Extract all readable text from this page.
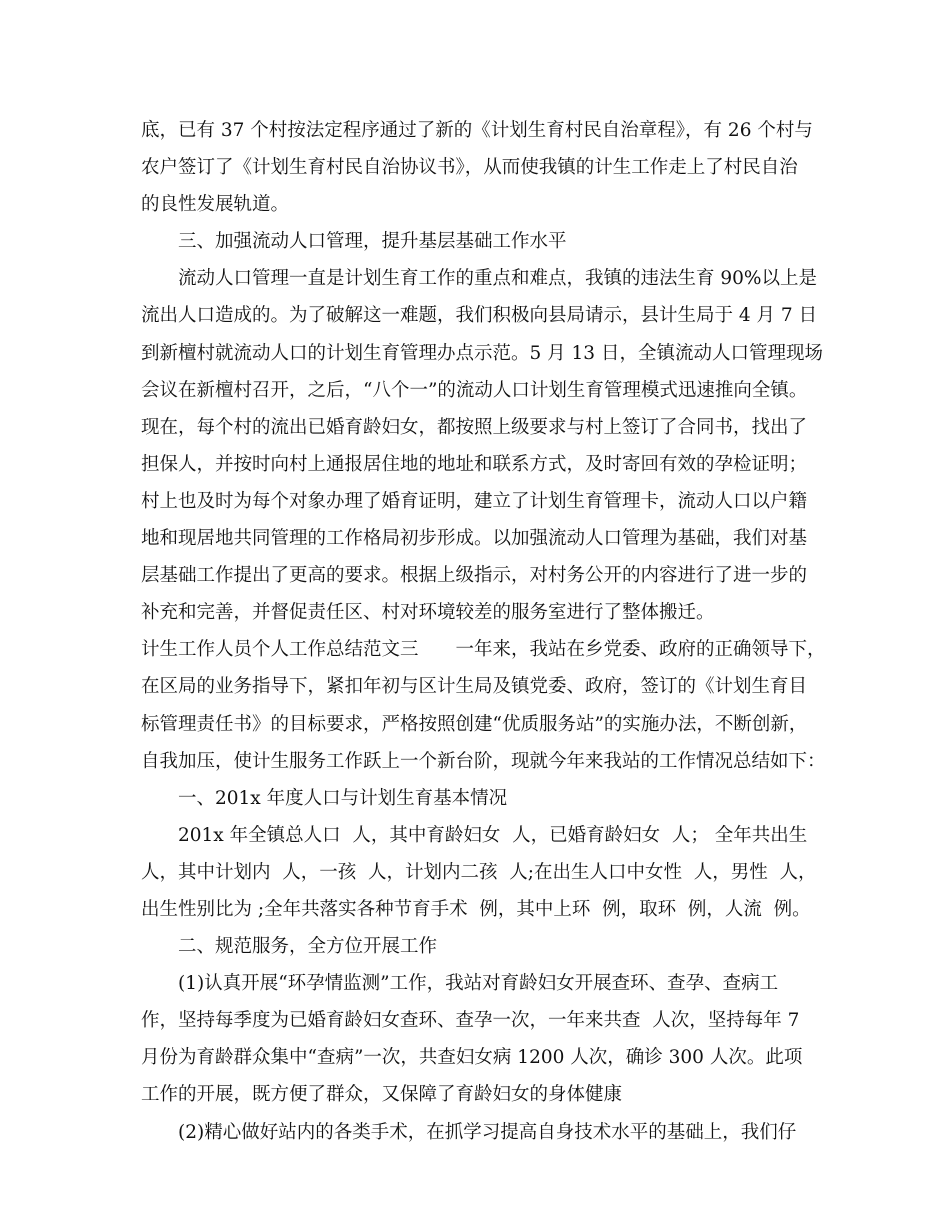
底，已有 37 个村按法定程序通过了新的《计划生育村民自治章程》，有 26 个村与
农户签订了《计划生育村民自治协议书》，从而使我镇的计生工作走上了村民自治
的良性发展轨道。
　　三、加强流动人口管理，提升基层基础工作水平
　　流动人口管理一直是计划生育工作的重点和难点，我镇的违法生育 90%以上是
流出人口造成的。为了破解这一难题，我们积极向县局请示，县计生局于 4 月 7 日
到新檀村就流动人口的计划生育管理办点示范。5 月 13 日，全镇流动人口管理现场
会议在新檀村召开，之后，“八个一”的流动人口计划生育管理模式迅速推向全镇。
现在，每个村的流出已婚育龄妇女，都按照上级要求与村上签订了合同书，找出了
担保人，并按时向村上通报居住地的地址和联系方式，及时寄回有效的孕检证明；
村上也及时为每个对象办理了婚育证明，建立了计划生育管理卡，流动人口以户籍
地和现居地共同管理的工作格局初步形成。以加强流动人口管理为基础，我们对基
层基础工作提出了更高的要求。根据上级指示，对村务公开的内容进行了进一步的
补充和完善，并督促责任区、村对环境较差的服务室进行了整体搬迁。
计生工作人员个人工作总结范文三　　一年来，我站在乡党委、政府的正确领导下，
在区局的业务指导下，紧扣年初与区计生局及镇党委、政府，签订的《计划生育目
标管理责任书》的目标要求，严格按照创建“优质服务站”的实施办法，不断创新，
自我加压，使计生服务工作跃上一个新台阶，现就今年来我站的工作情况总结如下：
　　一、201x 年度人口与计划生育基本情况
　　201x 年全镇总人口  人，其中育龄妇女  人，已婚育龄妇女  人； 全年共出生
人，其中计划内  人，一孩  人，计划内二孩  人;在出生人口中女性  人，男性  人，
出生性别比为 ;全年共落实各种节育手术  例，其中上环  例，取环  例，人流  例。
　　二、规范服务，全方位开展工作
　　(1)认真开展“环孕情监测”工作，我站对育龄妇女开展查环、查孕、查病工
作，坚持每季度为已婚育龄妇女查环、查孕一次，一年来共查  人次，坚持每年 7
月份为育龄群众集中“查病”一次，共查妇女病 1200 人次，确诊 300 人次。此项
工作的开展，既方便了群众，又保障了育龄妇女的身体健康
　　(2)精心做好站内的各类手术，在抓学习提高自身技术水平的基础上，我们仔
